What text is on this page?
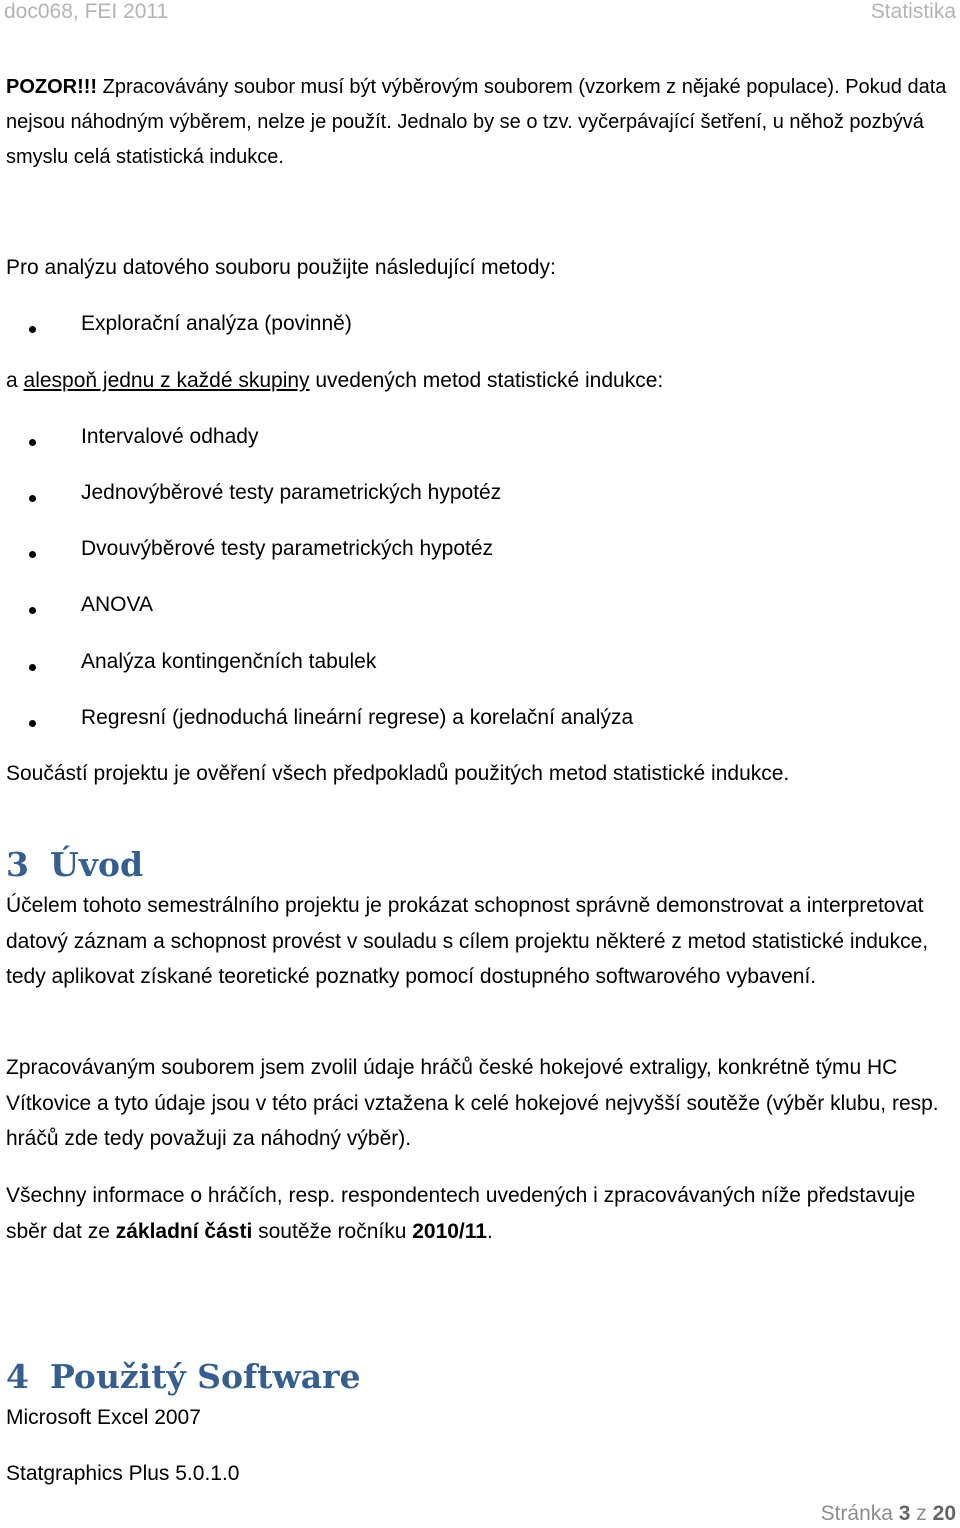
doc068, FEI 2011	Statistika
POZOR!!! Zpracovávány soubor musí být výběrovým souborem (vzorkem z nějaké populace). Pokud data nejsou náhodným výběrem, nelze je použít. Jednalo by se o tzv. vyčerpávající šetření, u něhož pozbývá smyslu celá statistická indukce.
Pro analýzu datového souboru použijte následující metody:
Explorační analýza (povinně)
a alespoň jednu z každé skupiny uvedených metod statistické indukce:
Intervalové odhady
Jednovýběrové testy parametrických hypotéz
Dvouvýběrové testy parametrických hypotéz
ANOVA
Analýza kontingenčních tabulek
Regresní (jednoduchá lineární regrese) a korelační analýza
Součástí projektu je ověření všech předpokladů použitých metod statistické indukce.
3 Úvod
Účelem tohoto semestrálního projektu je prokázat schopnost správně demonstrovat a interpretovat datový záznam a schopnost provést v souladu s cílem projektu některé z metod statistické indukce, tedy aplikovat získané teoretické poznatky pomocí dostupného softwarového vybavení.
Zpracovávaným souborem jsem zvolil údaje hráčů české hokejové extraligy, konkrétně týmu HC Vítkovice a tyto údaje jsou v této práci vztažena k celé hokejové nejvyšší soutěže (výběr klubu, resp. hráčů zde tedy považuji za náhodný výběr).
Všechny informace o hráčích, resp. respondentech uvedených i zpracovávaných níže představuje sběr dat ze základní části soutěže ročníku 2010/11.
4 Použitý Software
Microsoft Excel 2007
Statgraphics Plus 5.0.1.0
Stránka 3 z 20
